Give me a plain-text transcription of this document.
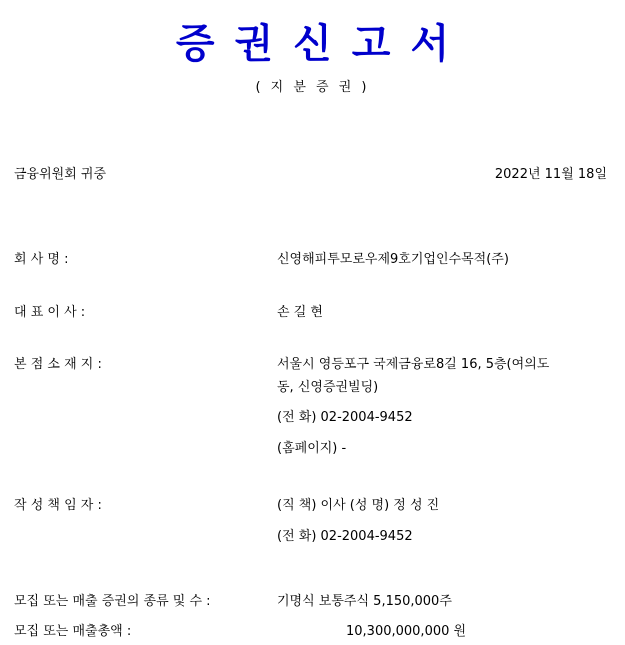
증권신고서
( 지 분 증 권 )
금융위원회 귀중	2022년 11월 18일
회 사 명 :	신영해피투모로우제9호기업인수목적(주)
대 표 이 사 :	손 길 현
본 점 소 재 지 :	서울시 영등포구 국제금융로8길 16, 5층(여의도
동, 신영증권빌딩)
(전 화) 02-2004-9452
(홈페이지) -
작 성 책 임 자 :	(직 책) 이사 (성 명) 정 성 진
(전 화) 02-2004-9452
모집 또는 매출 증권의 종류 및 수 :	기명식 보통주식 5,150,000주
모집 또는 매출총액 :	10,300,000,000 원
